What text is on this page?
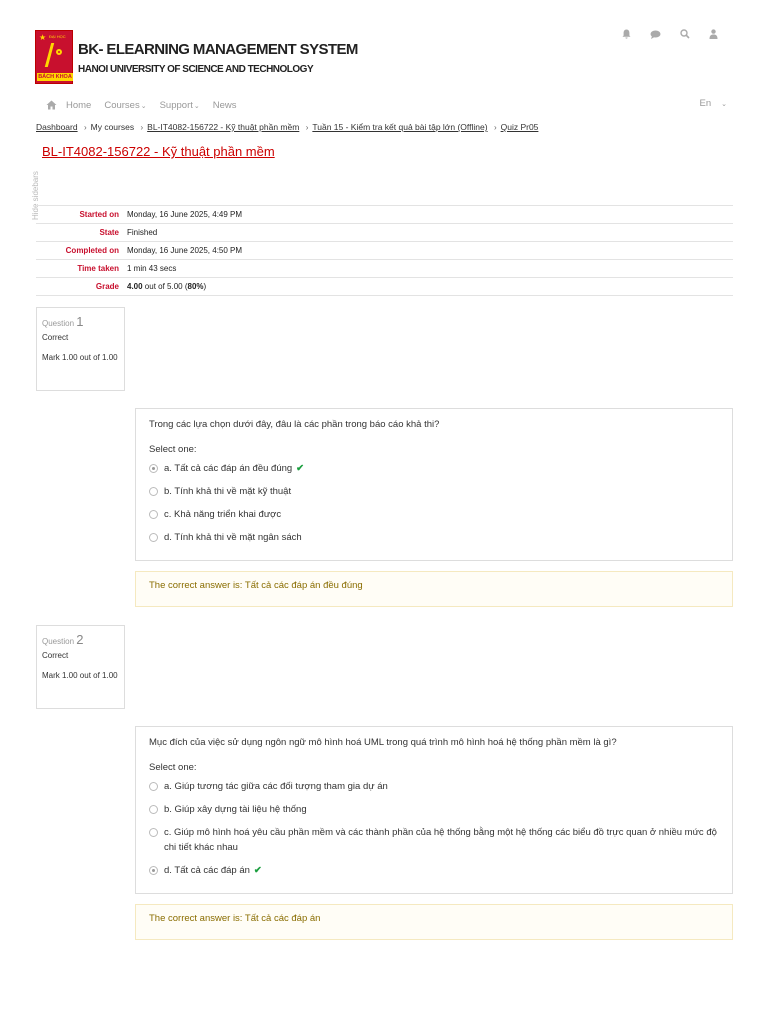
★ ĐẠI HỌC
BÁCH KHOA
BK- ELEARNING MANAGEMENT SYSTEM
HANOI UNIVERSITY OF SCIENCE AND TECHNOLOGY
Home Courses⌄ Support⌄ News	En ⌄
Dashboard › My courses › BL-IT4082-156722 - Kỹ thuật phần mềm › Tuần 15 - Kiểm tra kết quả bài tập lớn (Offline) › Quiz Pr05
BL-IT4082-156722 - Kỹ thuật phần mềm
Hide sidebars	Started on	Monday, 16 June 2025, 4:49 PM
State	Finished
Completed on	Monday, 16 June 2025, 4:50 PM
Time taken	1 min 43 secs
Grade	4.00 out of 5.00 (80%)
Question 1
Correct
Mark 1.00 out of 1.00
Trong các lựa chọn dưới đây, đâu là các phần trong báo cáo khả thi?
Select one:
a. Tất cả các đáp án đều đúng ✔
b. Tính khả thi về mặt kỹ thuật
c. Khả năng triển khai được
d. Tính khả thi về mặt ngân sách
The correct answer is: Tất cả các đáp án đều đúng
Question 2
Correct
Mark 1.00 out of 1.00
Mục đích của việc sử dụng ngôn ngữ mô hình hoá UML trong quá trình mô hình hoá hệ thống phần mềm là gì?
Select one:
a. Giúp tương tác giữa các đối tượng tham gia dự án
b. Giúp xây dựng tài liệu hệ thống
c. Giúp mô hình hoá yêu cầu phần mềm và các thành phần của hệ thống bằng một hệ thống các biểu đồ trực quan ở nhiều mức độ chi tiết khác nhau
d. Tất cả các đáp án ✔
The correct answer is: Tất cả các đáp án
